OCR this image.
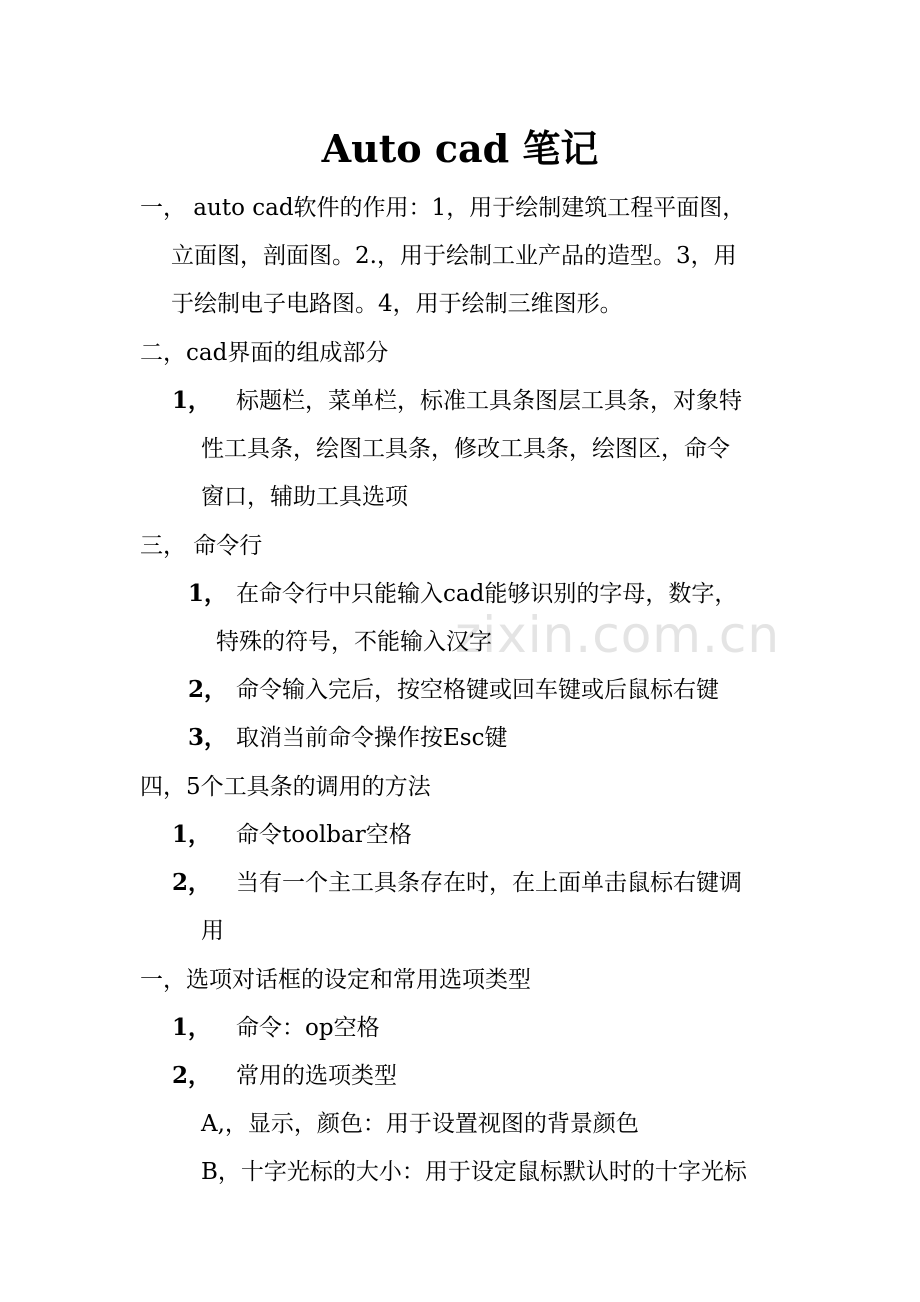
zixin.com.cn
Auto cad 笔记
一， auto cad软件的作用：1，用于绘制建筑工程平面图，
立面图，剖面图。2.，用于绘制工业产品的造型。3，用
于绘制电子电路图。4，用于绘制三维图形。
二，cad界面的组成部分
1， 标题栏，菜单栏，标准工具条图层工具条，对象特
性工具条，绘图工具条，修改工具条，绘图区，命令
窗口，辅助工具选项
三， 命令行
1， 在命令行中只能输入cad能够识别的字母，数字，
特殊的符号，不能输入汉字
2， 命令输入完后，按空格键或回车键或后鼠标右键
3， 取消当前命令操作按Esc键
四，5个工具条的调用的方法
1， 命令toolbar空格
2， 当有一个主工具条存在时，在上面单击鼠标右键调
用
一，选项对话框的设定和常用选项类型
1， 命令：op空格
2， 常用的选项类型
A,，显示，颜色：用于设置视图的背景颜色
B，十字光标的大小：用于设定鼠标默认时的十字光标
